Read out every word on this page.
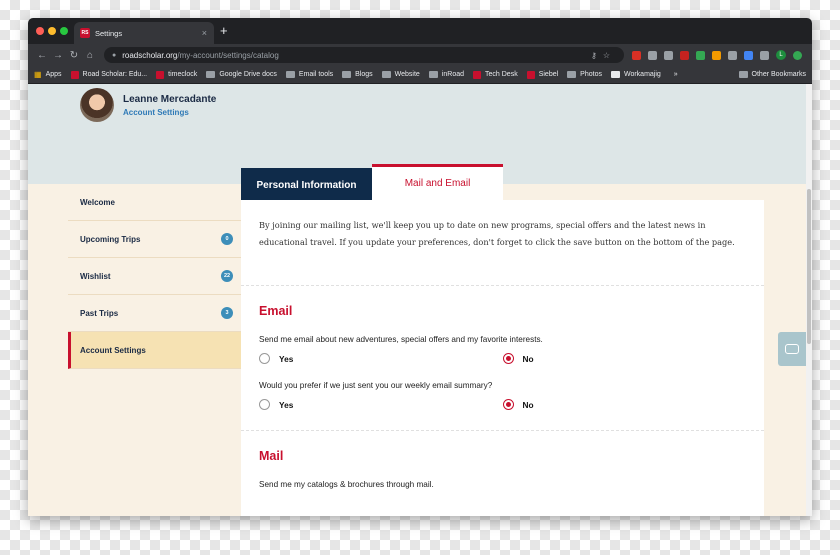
RS Settings	× +
← → ↻ ⌂	● roadscholar.org /my-account/settings/catalog	⚷☆	L
▦ Apps	Road Scholar: Edu...	timeclock	Google Drive docs	Email tools	Blogs	Website	inRoad	Tech Desk	Siebel	Photos	Workamajig »	Other Bookmarks
Leanne Mercadante
Account Settings
Welcome
Upcoming Trips	0
Wishlist	22
Past Trips	3
Account Settings
Personal Information	Mail and Email

By joining our mailing list, we'll keep you up to date on new programs, special offers and the latest news in educational travel. If you update your preferences, don't forget to click the save button on the bottom of the page.

Email
Send me email about new adventures, special offers and my favorite interests.
Yes	No
Would you prefer if we just sent you our weekly email summary?
Yes	No
Mail
Send me my catalogs & brochures through mail.
